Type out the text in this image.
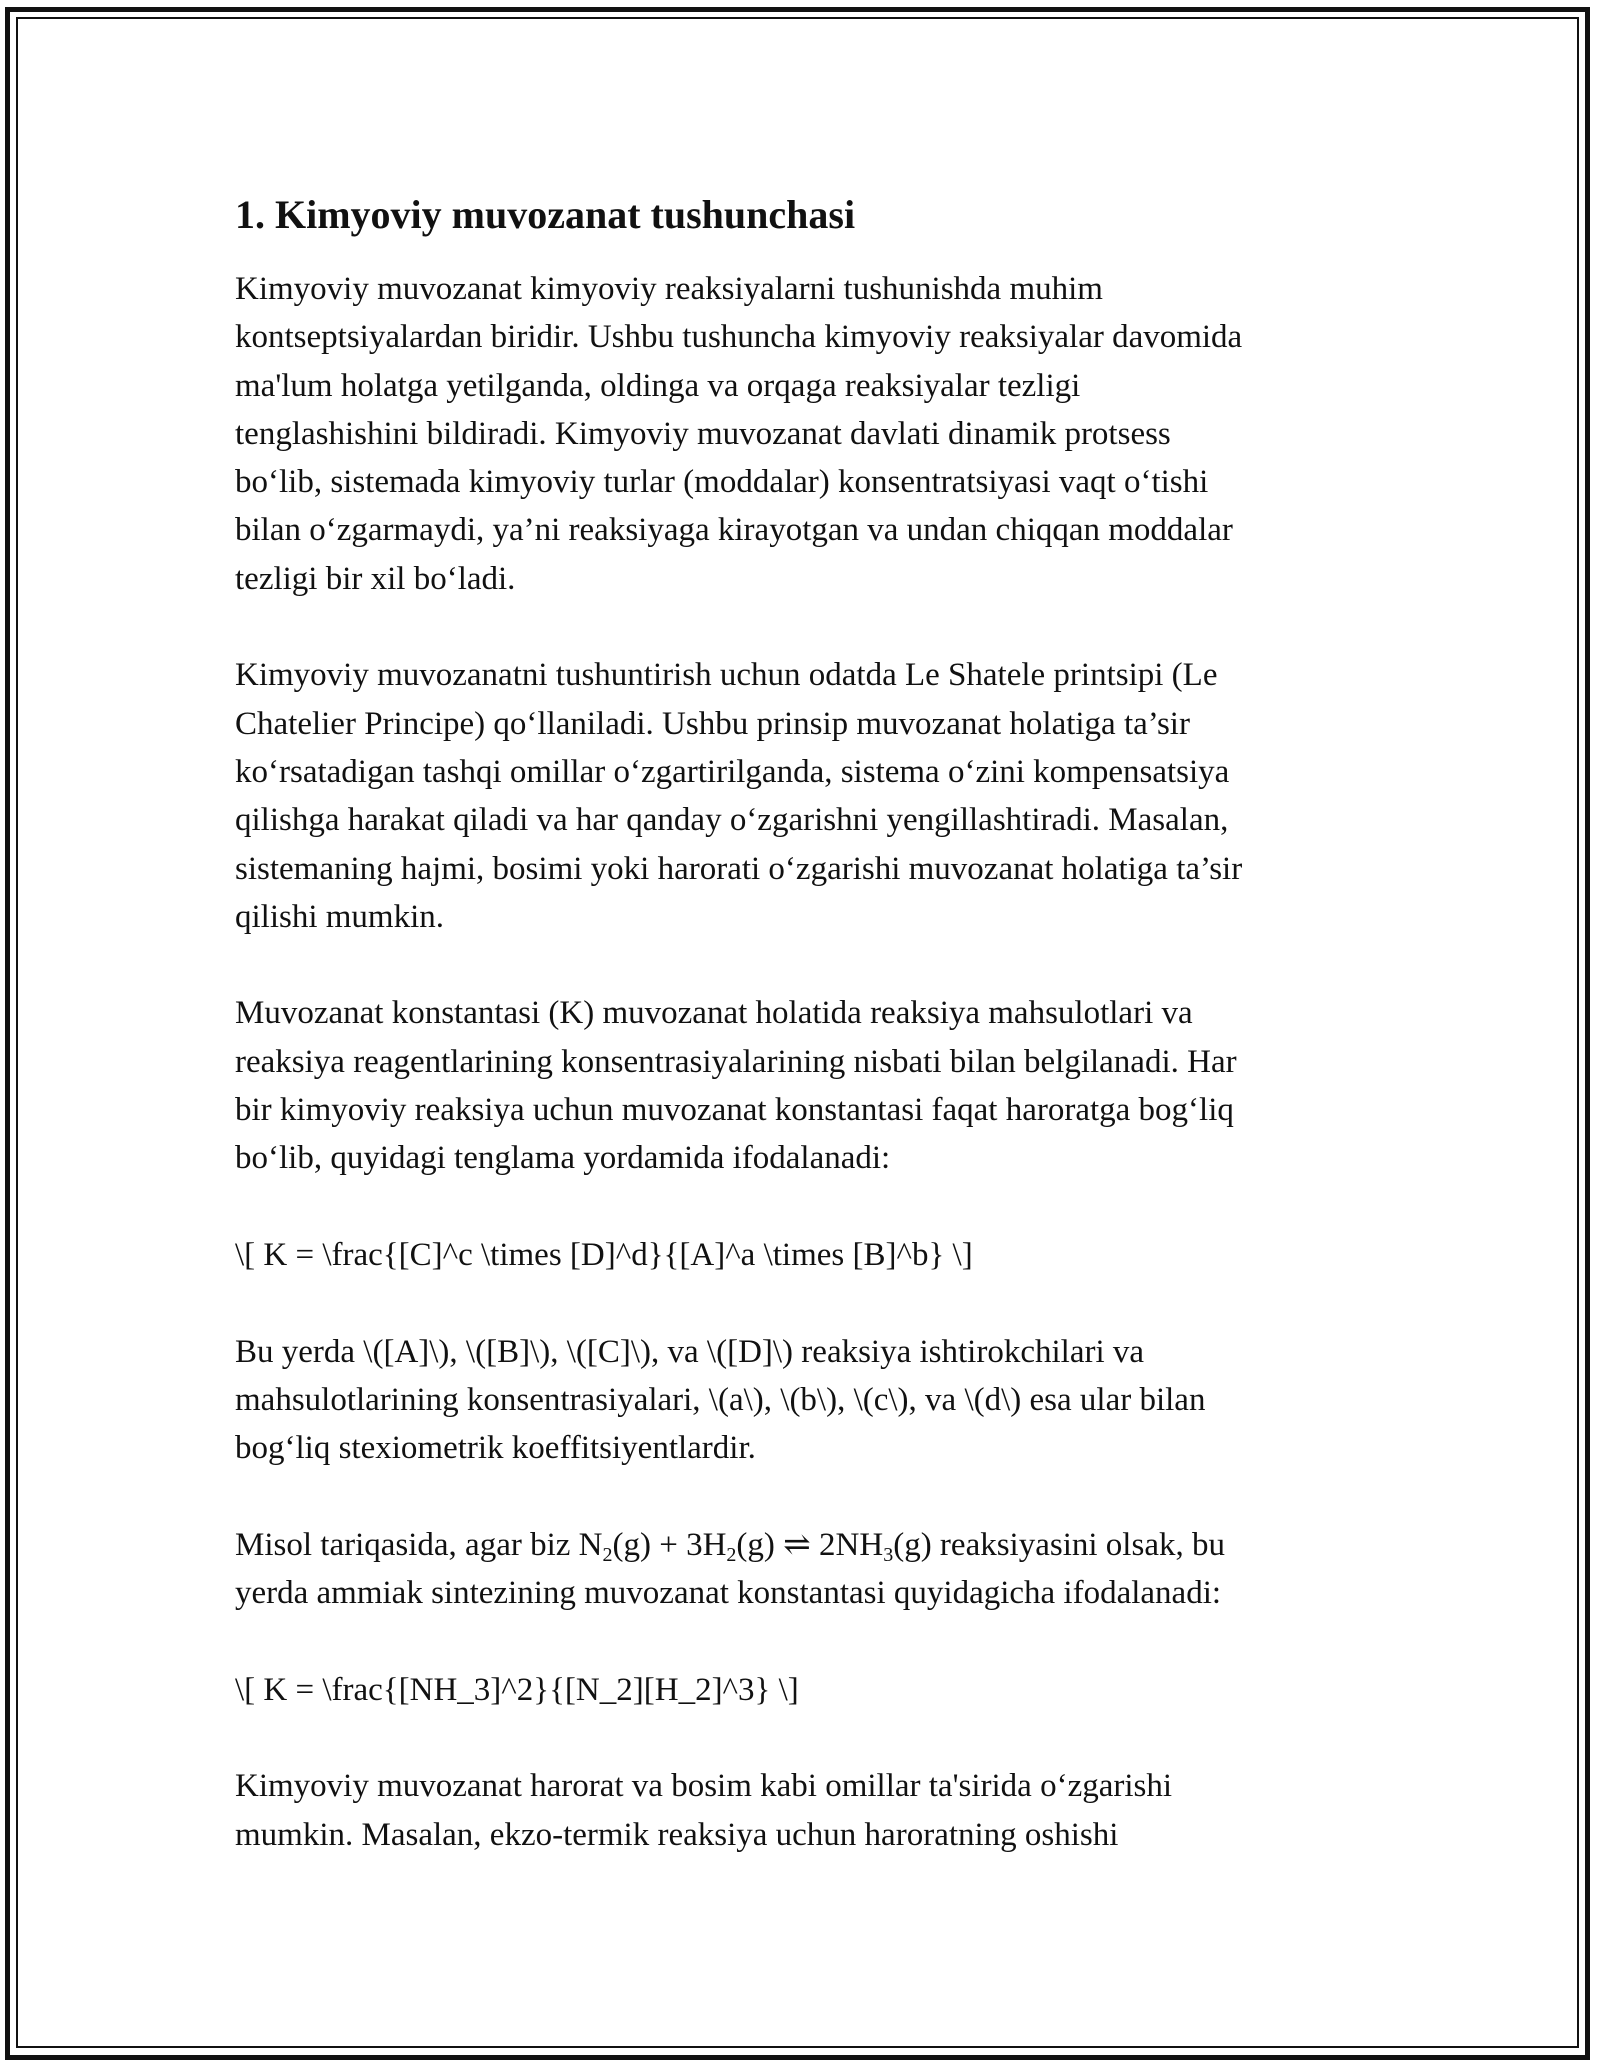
1. Kimyoviy muvozanat tushunchasi

Kimyoviy muvozanat kimyoviy reaksiyalarni tushunishda muhim
kontseptsiyalardan biridir. Ushbu tushuncha kimyoviy reaksiyalar davomida
ma'lum holatga yetilganda, oldinga va orqaga reaksiyalar tezligi
tenglashishini bildiradi. Kimyoviy muvozanat davlati dinamik protsess
bo‘lib, sistemada kimyoviy turlar (moddalar) konsentratsiyasi vaqt o‘tishi
bilan o‘zgarmaydi, ya’ni reaksiyaga kirayotgan va undan chiqqan moddalar
tezligi bir xil bo‘ladi.

Kimyoviy muvozanatni tushuntirish uchun odatda Le Shatele printsipi (Le
Chatelier Principe) qo‘llaniladi. Ushbu prinsip muvozanat holatiga ta’sir
ko‘rsatadigan tashqi omillar o‘zgartirilganda, sistema o‘zini kompensatsiya
qilishga harakat qiladi va har qanday o‘zgarishni yengillashtiradi. Masalan,
sistemaning hajmi, bosimi yoki harorati o‘zgarishi muvozanat holatiga ta’sir
qilishi mumkin.

Muvozanat konstantasi (K) muvozanat holatida reaksiya mahsulotlari va
reaksiya reagentlarining konsentrasiyalarining nisbati bilan belgilanadi. Har
bir kimyoviy reaksiya uchun muvozanat konstantasi faqat haroratga bog‘liq
bo‘lib, quyidagi tenglama yordamida ifodalanadi:

\[ K = \frac{[C]^c \times [D]^d}{[A]^a \times [B]^b} \]

Bu yerda \([A]\), \([B]\), \([C]\), va \([D]\) reaksiya ishtirokchilari va
mahsulotlarining konsentrasiyalari, \(a\), \(b\), \(c\), va \(d\) esa ular bilan
bog‘liq stexiometrik koeffitsiyentlardir.

Misol tariqasida, agar biz $N_2(g) + 3H_2(g)$ ⇌ $2NH_3(g)$ reaksiyasini olsak, bu
yerda ammiak sintezining muvozanat konstantasi quyidagicha ifodalanadi:

\[ K = \frac{[NH_3]^2}{[N_2][H_2]^3} \]

Kimyoviy muvozanat harorat va bosim kabi omillar ta'sirida o‘zgarishi
mumkin. Masalan, ekzo-termik reaksiya uchun haroratning oshishi
